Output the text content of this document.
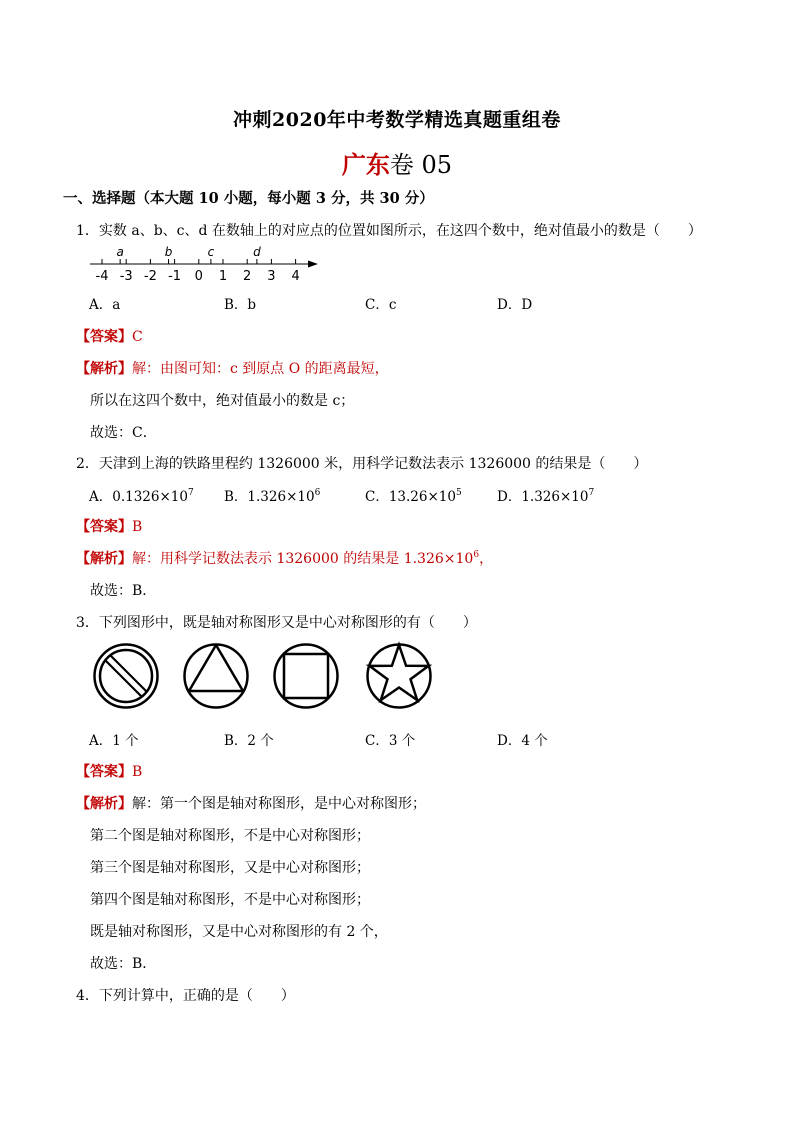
冲刺2020年中考数学精选真题重组卷
广东卷 05
一、选择题（本大题 10 小题，每小题 3 分，共 30 分）
1．实数 a、b、c、d 在数轴上的对应点的位置如图所示，在这四个数中，绝对值最小的数是（　　）
-4 -3 -2 -1 0 1 2 3 4
a	b	c	d
A．a	B．b	C．c	D．D
【答案】C
【解析】解：由图可知：c 到原点 O 的距离最短，
所以在这四个数中，绝对值最小的数是 c；
故选：C．
2．天津到上海的铁路里程约 1326000 米，用科学记数法表示 1326000 的结果是（　　）
A．$0.1326\times 10^7$ B．$1.326\times 10^6$	C．$13.26\times 10^5$	D．$1.326\times 10^7$
【答案】B
【解析】解：用科学记数法表示 1326000 的结果是 $1.326\times 10^6$，
故选：B．
3．下列图形中，既是轴对称图形又是中心对称图形的有（　　）
A．1 个	B．2 个	C．3 个	D．4 个
【答案】B
【解析】解：第一个图是轴对称图形，是中心对称图形；
第二个图是轴对称图形，不是中心对称图形；
第三个图是轴对称图形，又是中心对称图形；
第四个图是轴对称图形，不是中心对称图形；
既是轴对称图形，又是中心对称图形的有 2 个，
故选：B．
4．下列计算中，正确的是（　　）
